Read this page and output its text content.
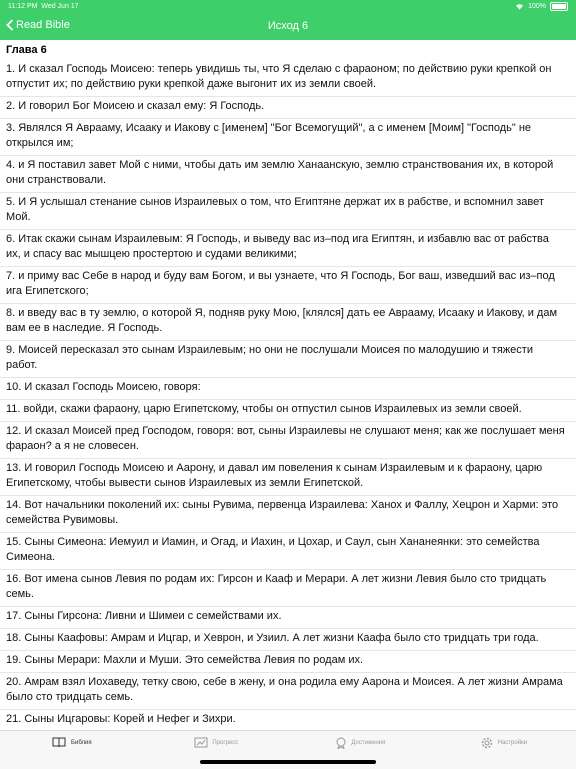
11:12 PM Wed Jun 17	100%
Read Bible	Исход 6
Глава 6
1. И сказал Господь Моисею: теперь увидишь ты, что Я сделаю с фараоном; по действию руки крепкой он отпустит их; по действию руки крепкой даже выгонит их из земли своей.
2. И говорил Бог Моисею и сказал ему: Я Господь.
3. Являлся Я Аврааму, Исааку и Иакову с [именем] "Бог Всемогущий", а с именем [Моим] "Господь" не открылся им;
4. и Я поставил завет Мой с ними, чтобы дать им землю Ханаанскую, землю странствования их, в которой они странствовали.
5. И Я услышал стенание сынов Израилевых о том, что Египтяне держат их в рабстве, и вспомнил завет Мой.
6. Итак скажи сынам Израилевым: Я Господь, и выведу вас из–под ига Египтян, и избавлю вас от рабства их, и спасу вас мышцею простертою и судами великими;
7. и приму вас Себе в народ и буду вам Богом, и вы узнаете, что Я Господь, Бог ваш, изведший вас из–под ига Египетского;
8. и введу вас в ту землю, о которой Я, подняв руку Мою, [клялся] дать ее Аврааму, Исааку и Иакову, и дам вам ее в наследие. Я Господь.
9. Моисей пересказал это сынам Израилевым; но они не послушали Моисея по малодушию и тяжести работ.
10. И сказал Господь Моисею, говоря:
11. войди, скажи фараону, царю Египетскому, чтобы он отпустил сынов Израилевых из земли своей.
12. И сказал Моисей пред Господом, говоря: вот, сыны Израилевы не слушают меня; как же послушает меня фараон? а я не словесен.
13. И говорил Господь Моисею и Аарону, и давал им повеления к сынам Израилевым и к фараону, царю Египетскому, чтобы вывести сынов Израилевых из земли Египетской.
14. Вот начальники поколений их: сыны Рувима, первенца Израилева: Ханох и Фаллу, Хецрон и Харми: это семейства Рувимовы.
15. Сыны Симеона: Иемуил и Иамин, и Огад, и Иахин, и Цохар, и Саул, сын Хананеянки: это семейства Симеона.
16. Вот имена сынов Левия по родам их: Гирсон и Кааф и Мерари. А лет жизни Левия было сто тридцать семь.
17. Сыны Гирсона: Ливни и Шимеи с семействами их.
18. Сыны Каафовы: Амрам и Ицгар, и Хеврон, и Узиил. А лет жизни Каафа было сто тридцать три года.
19. Сыны Мерари: Махли и Муши. Это семейства Левия по родам их.
20. Амрам взял Иохаведу, тетку свою, себе в жену, и она родила ему Аарона и Моисея. А лет жизни Амрама было сто тридцать семь.
21. Сыны Ицгаровы: Корей и Нефег и Зихри.
Библия	Прогресс	Достижения	Настройки
